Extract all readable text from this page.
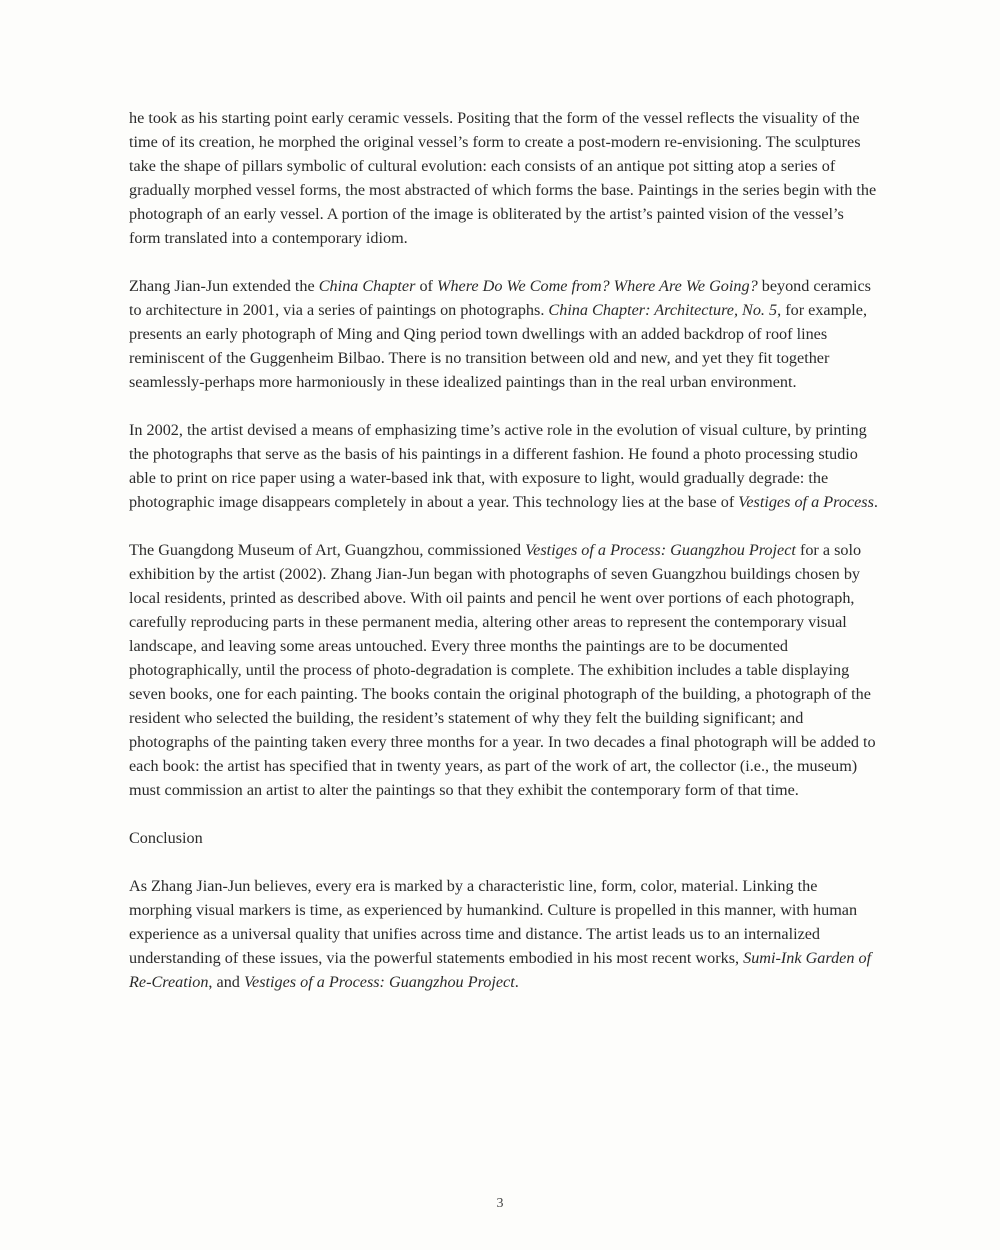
he took as his starting point early ceramic vessels. Positing that the form of the vessel reflects the visuality of the time of its creation, he morphed the original vessel’s form to create a post-modern re-envisioning. The sculptures take the shape of pillars symbolic of cultural evolution: each consists of an antique pot sitting atop a series of gradually morphed vessel forms, the most abstracted of which forms the base. Paintings in the series begin with the photograph of an early vessel. A portion of the image is obliterated by the artist’s painted vision of the vessel’s form translated into a contemporary idiom.

Zhang Jian-Jun extended the China Chapter of Where Do We Come from? Where Are We Going? beyond ceramics to architecture in 2001, via a series of paintings on photographs. China Chapter: Architecture, No. 5, for example, presents an early photograph of Ming and Qing period town dwellings with an added backdrop of roof lines reminiscent of the Guggenheim Bilbao. There is no transition between old and new, and yet they fit together seamlessly-perhaps more harmoniously in these idealized paintings than in the real urban environment.

In 2002, the artist devised a means of emphasizing time’s active role in the evolution of visual culture, by printing the photographs that serve as the basis of his paintings in a different fashion. He found a photo processing studio able to print on rice paper using a water-based ink that, with exposure to light, would gradually degrade: the photographic image disappears completely in about a year. This technology lies at the base of Vestiges of a Process.

The Guangdong Museum of Art, Guangzhou, commissioned Vestiges of a Process: Guangzhou Project for a solo exhibition by the artist (2002). Zhang Jian-Jun began with photographs of seven Guangzhou buildings chosen by local residents, printed as described above. With oil paints and pencil he went over portions of each photograph, carefully reproducing parts in these permanent media, altering other areas to represent the contemporary visual landscape, and leaving some areas untouched. Every three months the paintings are to be documented photographically, until the process of photo-degradation is complete. The exhibition includes a table displaying seven books, one for each painting. The books contain the original photograph of the building, a photograph of the resident who selected the building, the resident’s statement of why they felt the building significant; and photographs of the painting taken every three months for a year. In two decades a final photograph will be added to each book: the artist has specified that in twenty years, as part of the work of art, the collector (i.e., the museum) must commission an artist to alter the paintings so that they exhibit the contemporary form of that time.

Conclusion

As Zhang Jian-Jun believes, every era is marked by a characteristic line, form, color, material. Linking the morphing visual markers is time, as experienced by humankind. Culture is propelled in this manner, with human experience as a universal quality that unifies across time and distance. The artist leads us to an internalized understanding of these issues, via the powerful statements embodied in his most recent works, Sumi-Ink Garden of Re-Creation, and Vestiges of a Process: Guangzhou Project.

3
